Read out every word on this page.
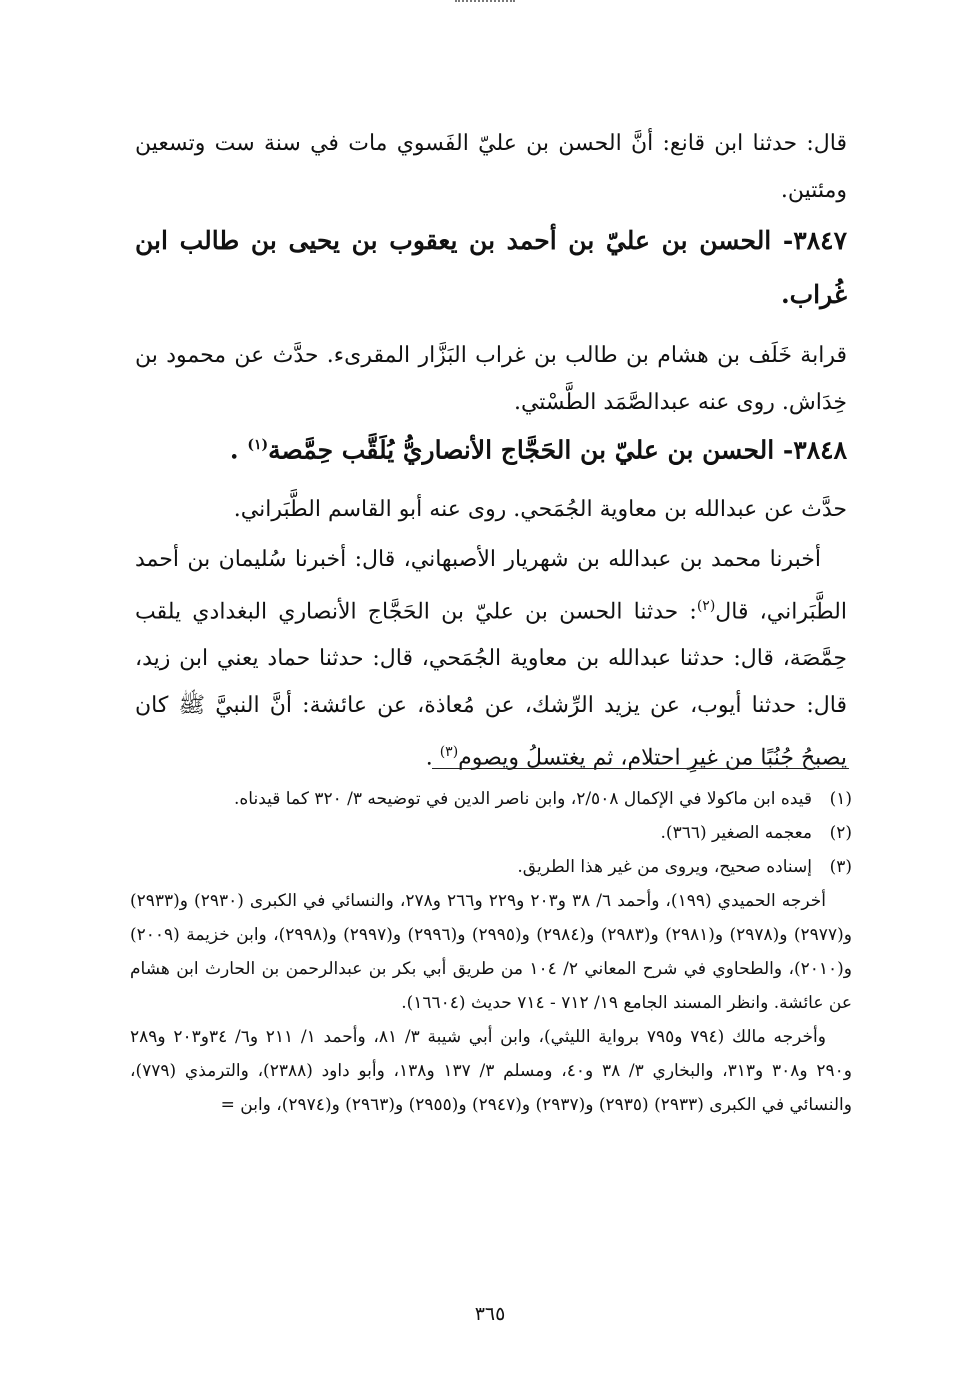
قال: حدثنا ابن قانع: أنَّ الحسن بن عليّ الفَسوي مات في سنة ست وتسعين ومئتين.

٣٨٤٧- الحسن بن عليّ بن أحمد بن يعقوب بن يحيى بن طالب ابن غُراب.

قرابة خَلَف بن هشام بن طالب بن غراب البَزَّار المقرىء. حدَّث عن محمود بن خِدَاش. روى عنه عبدالصَّمَد الطَّسْتي.

٣٨٤٨- الحسن بن عليّ بن الحَجَّاج الأنصاريُّ يُلَقَّب حِمَّصة$^{(١)}$ .

حدَّث عن عبدالله بن معاوية الجُمَحي. روى عنه أبو القاسم الطَّبَراني.

أخبرنا محمد بن عبدالله بن شهريار الأصبهاني، قال: أخبرنا سُليمان بن أحمد الطَّبَراني، قال$^{(٢)}$: حدثنا الحسن بن عليّ بن الحَجَّاج الأنصاري البغدادي يلقب حِمَّصَة، قال: حدثنا عبدالله بن معاوية الجُمَحي، قال: حدثنا حماد يعني ابن زيد، قال: حدثنا أيوب، عن يزيد الرِّشك، عن مُعاذة، عن عائشة: أنَّ النبيَّ ﷺ كان يصبحُ جُنُبًا من غيرِ احتلام، ثم يغتسلُ ويصوم$^{(٣)}$ .

(١)
قيده ابن ماكولا في الإكمال ٢/٥٠٨، وابن ناصر الدين في توضيحه ٣/ ٣٢٠ كما قيدناه.
(٢)
معجمه الصغير (٣٦٦).
(٣)
إسناده صحيح، ويروى من غير هذا الطريق.

أخرجه الحميدي (١٩٩)، وأحمد ٦/ ٣٨ و٢٠٣ و٢٢٩ و٢٦٦ و٢٧٨، والنسائي في الكبرى (٢٩٣٠) و(٢٩٣٣) و(٢٩٧٧) و(٢٩٧٨) و(٢٩٨١) و(٢٩٨٣) و(٢٩٨٤) و(٢٩٩٥) و(٢٩٩٦) و(٢٩٩٧) و(٢٩٩٨)، وابن خزيمة (٢٠٠٩) و(٢٠١٠)، والطحاوي في شرح المعاني ٢/ ١٠٤ من طريق أبي بكر بن عبدالرحمن بن الحارث ابن هشام عن عائشة. وانظر المسند الجامع ١٩/ ٧١٢ - ٧١٤ حديث (١٦٦٠٤).

وأخرجه مالك (٧٩٤ و٧٩٥ برواية الليثي)، وابن أبي شيبة ٣/ ٨١، وأحمد ١/ ٢١١ و٦/ ٣٤و٢٠٣ و٢٨٩ و٢٩٠ و٣٠٨ و٣١٣، والبخاري ٣/ ٣٨ و٤٠، ومسلم ٣/ ١٣٧ و١٣٨، وأبو داود (٢٣٨٨)، والترمذي (٧٧٩)، والنسائي في الكبرى (٢٩٣٣) (٢٩٣٥) و(٢٩٣٧) و(٢٩٤٧) و(٢٩٥٥) و(٢٩٦٣) و(٢٩٧٤)، وابن =

٣٦٥
